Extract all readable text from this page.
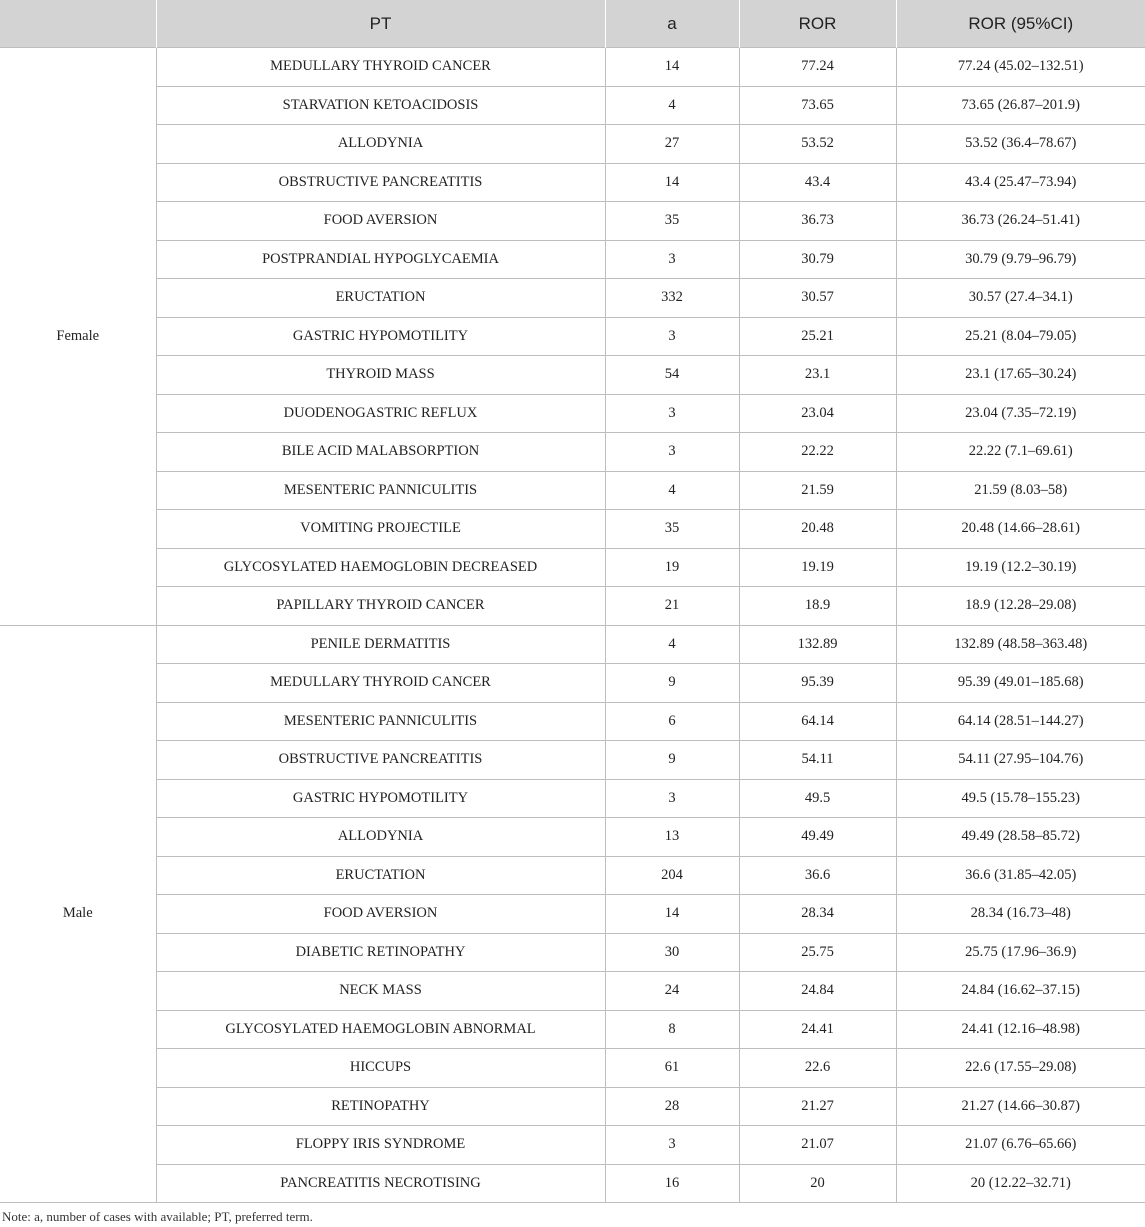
	PT	a	ROR	ROR (95%CI)
Female	MEDULLARY THYROID CANCER	14	77.24	77.24 (45.02–132.51)
	STARVATION KETOACIDOSIS	4	73.65	73.65 (26.87–201.9)
	ALLODYNIA	27	53.52	53.52 (36.4–78.67)
	OBSTRUCTIVE PANCREATITIS	14	43.4	43.4 (25.47–73.94)
	FOOD AVERSION	35	36.73	36.73 (26.24–51.41)
	POSTPRANDIAL HYPOGLYCAEMIA	3	30.79	30.79 (9.79–96.79)
	ERUCTATION	332	30.57	30.57 (27.4–34.1)
	GASTRIC HYPOMOTILITY	3	25.21	25.21 (8.04–79.05)
	THYROID MASS	54	23.1	23.1 (17.65–30.24)
	DUODENOGASTRIC REFLUX	3	23.04	23.04 (7.35–72.19)
	BILE ACID MALABSORPTION	3	22.22	22.22 (7.1–69.61)
	MESENTERIC PANNICULITIS	4	21.59	21.59 (8.03–58)
	VOMITING PROJECTILE	35	20.48	20.48 (14.66–28.61)
	GLYCOSYLATED HAEMOGLOBIN DECREASED	19	19.19	19.19 (12.2–30.19)
	PAPILLARY THYROID CANCER	21	18.9	18.9 (12.28–29.08)
Male	PENILE DERMATITIS	4	132.89	132.89 (48.58–363.48)
	MEDULLARY THYROID CANCER	9	95.39	95.39 (49.01–185.68)
	MESENTERIC PANNICULITIS	6	64.14	64.14 (28.51–144.27)
	OBSTRUCTIVE PANCREATITIS	9	54.11	54.11 (27.95–104.76)
	GASTRIC HYPOMOTILITY	3	49.5	49.5 (15.78–155.23)
	ALLODYNIA	13	49.49	49.49 (28.58–85.72)
	ERUCTATION	204	36.6	36.6 (31.85–42.05)
	FOOD AVERSION	14	28.34	28.34 (16.73–48)
	DIABETIC RETINOPATHY	30	25.75	25.75 (17.96–36.9)
	NECK MASS	24	24.84	24.84 (16.62–37.15)
	GLYCOSYLATED HAEMOGLOBIN ABNORMAL	8	24.41	24.41 (12.16–48.98)
	HICCUPS	61	22.6	22.6 (17.55–29.08)
	RETINOPATHY	28	21.27	21.27 (14.66–30.87)
	FLOPPY IRIS SYNDROME	3	21.07	21.07 (6.76–65.66)
	PANCREATITIS NECROTISING	16	20	20 (12.22–32.71)
Note: a, number of cases with available; PT, preferred term.
